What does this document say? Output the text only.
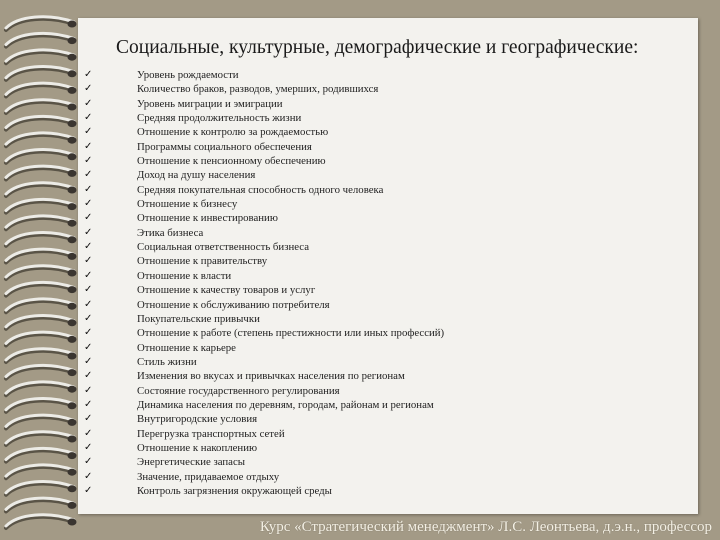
Социальные, культурные, демографические и географические:
✓	Уровень рождаемости
✓	Количество браков, разводов, умерших, родившихся
✓	Уровень миграции и эмиграции
✓	Средняя продолжительность жизни
✓	Отношение к контролю за рождаемостью
✓	Программы социального обеспечения
✓	Отношение к пенсионному обеспечению
✓	Доход на душу населения
✓	Средняя покупательная способность одного человека
✓	Отношение к бизнесу
✓	Отношение к инвестированию
✓	Этика бизнеса
✓	Социальная ответственность бизнеса
✓	Отношение к правительству
✓	Отношение к власти
✓	Отношение к качеству товаров и услуг
✓	Отношение к обслуживанию потребителя
✓	Покупательские привычки
✓	Отношение к работе (степень престижности или иных профессий)
✓	Отношение к карьере
✓	Стиль жизни
✓	Изменения во вкусах и привычках населения по регионам
✓	Состояние государственного регулирования
✓	Динамика населения по деревням, городам, районам и регионам
✓	Внутригородские условия
✓	Перегрузка транспортных сетей
✓	Отношение к накоплению
✓	Энергетические запасы
✓	Значение, придаваемое отдыху
✓	Контроль загрязнения окружающей среды
Курс «Стратегический менеджмент» Л.С. Леонтьева, д.э.н., профессор
